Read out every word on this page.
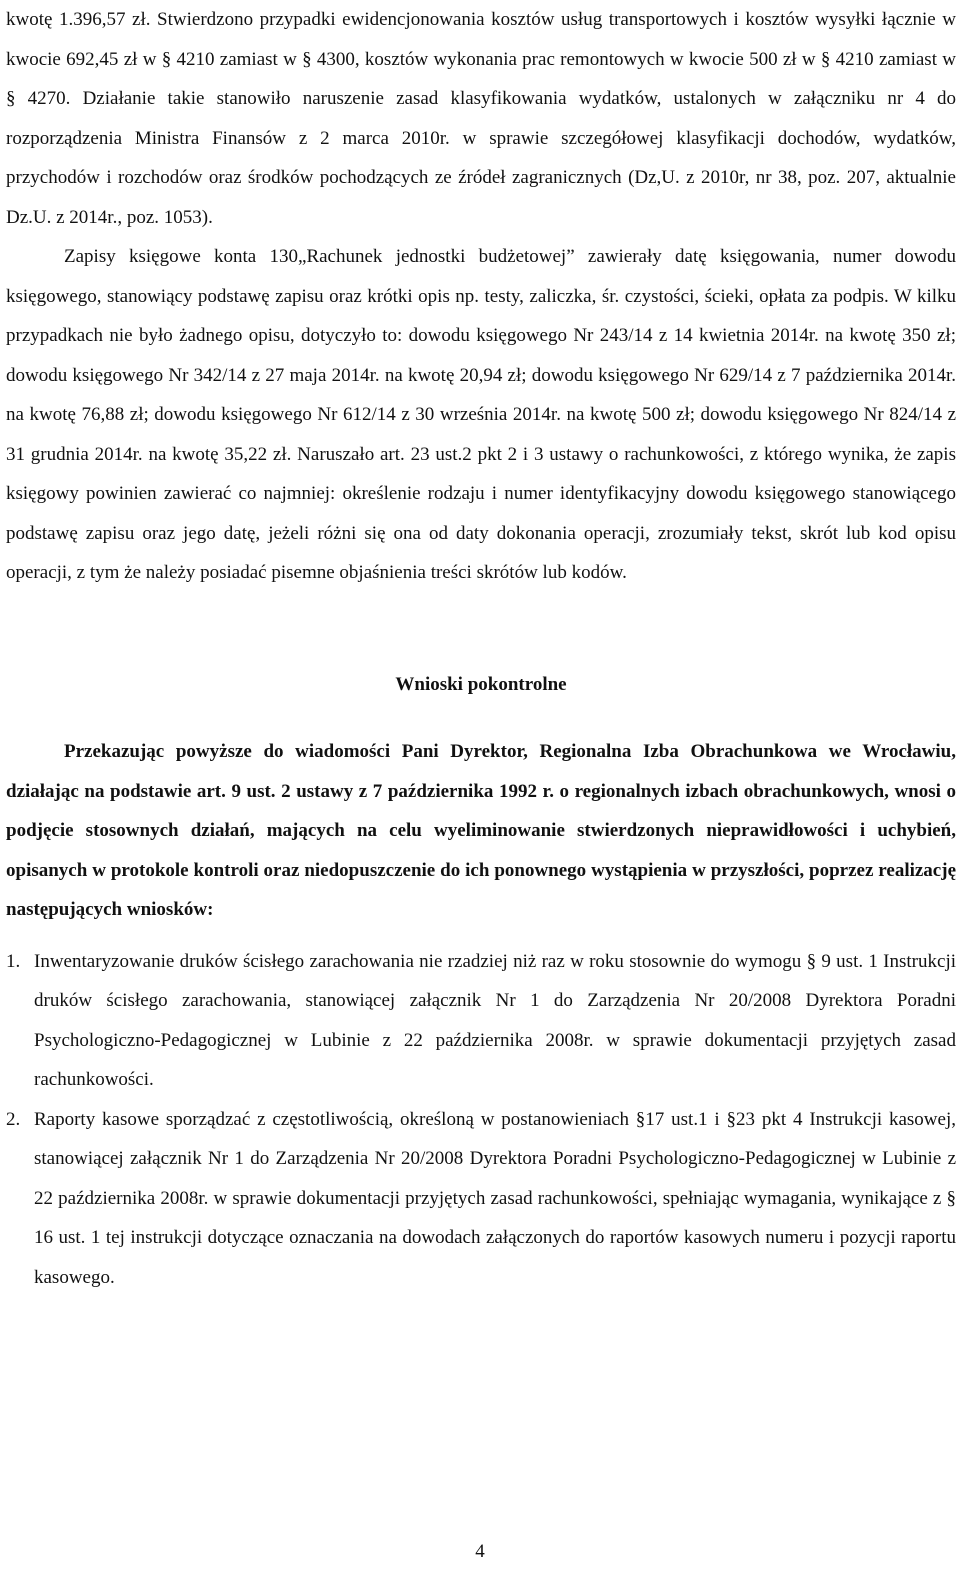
kwotę 1.396,57 zł. Stwierdzono przypadki ewidencjonowania kosztów usług transportowych i kosztów wysyłki łącznie w kwocie 692,45 zł w § 4210 zamiast w § 4300, kosztów wykonania prac remontowych w kwocie 500 zł w § 4210 zamiast w § 4270. Działanie takie stanowiło naruszenie zasad klasyfikowania wydatków, ustalonych w załączniku nr 4 do rozporządzenia Ministra Finansów z 2 marca 2010r. w sprawie szczegółowej klasyfikacji dochodów, wydatków, przychodów i rozchodów oraz środków pochodzących ze źródeł zagranicznych (Dz,U. z 2010r, nr 38, poz. 207, aktualnie Dz.U. z 2014r., poz. 1053).

Zapisy księgowe konta 130„Rachunek jednostki budżetowej” zawierały datę księgowania, numer dowodu księgowego, stanowiący podstawę zapisu oraz krótki opis np. testy, zaliczka, śr. czystości, ścieki, opłata za podpis. W kilku przypadkach nie było żadnego opisu, dotyczyło to: dowodu księgowego Nr 243/14 z 14 kwietnia 2014r. na kwotę 350 zł; dowodu księgowego Nr 342/14 z 27 maja 2014r. na kwotę 20,94 zł; dowodu księgowego Nr 629/14 z 7 października 2014r. na kwotę 76,88 zł; dowodu księgowego Nr 612/14 z 30 września 2014r. na kwotę 500 zł; dowodu księgowego Nr 824/14 z 31 grudnia 2014r. na kwotę 35,22 zł. Naruszało art. 23 ust.2 pkt 2 i 3 ustawy o rachunkowości, z którego wynika, że zapis księgowy powinien zawierać co najmniej: określenie rodzaju i numer identyfikacyjny dowodu księgowego stanowiącego podstawę zapisu oraz jego datę, jeżeli różni się ona od daty dokonania operacji, zrozumiały tekst, skrót lub kod opisu operacji, z tym że należy posiadać pisemne objaśnienia treści skrótów lub kodów.

Wnioski pokontrolne

Przekazując powyższe do wiadomości Pani Dyrektor, Regionalna Izba Obrachunkowa we Wrocławiu, działając na podstawie art. 9 ust. 2 ustawy z 7 października 1992 r. o regionalnych izbach obrachunkowych, wnosi o podjęcie stosownych działań, mających na celu wyeliminowanie stwierdzonych nieprawidłowości i uchybień, opisanych w protokole kontroli oraz niedopuszczenie do ich ponownego wystąpienia w przyszłości, poprzez realizację następujących wniosków:

1. Inwentaryzowanie druków ścisłego zarachowania nie rzadziej niż raz w roku stosownie do wymogu § 9 ust. 1 Instrukcji druków ścisłego zarachowania, stanowiącej załącznik Nr 1 do Zarządzenia Nr 20/2008 Dyrektora Poradni Psychologiczno-Pedagogicznej w Lubinie z 22 października 2008r. w sprawie dokumentacji przyjętych zasad rachunkowości.
2. Raporty kasowe sporządzać z częstotliwością, określoną w postanowieniach §17 ust.1 i §23 pkt 4 Instrukcji kasowej, stanowiącej załącznik Nr 1 do Zarządzenia Nr 20/2008 Dyrektora Poradni Psychologiczno-Pedagogicznej w Lubinie z 22 października 2008r. w sprawie dokumentacji przyjętych zasad rachunkowości, spełniając wymagania, wynikające z § 16 ust. 1 tej instrukcji dotyczące oznaczania na dowodach załączonych do raportów kasowych numeru i pozycji raportu kasowego.
4
